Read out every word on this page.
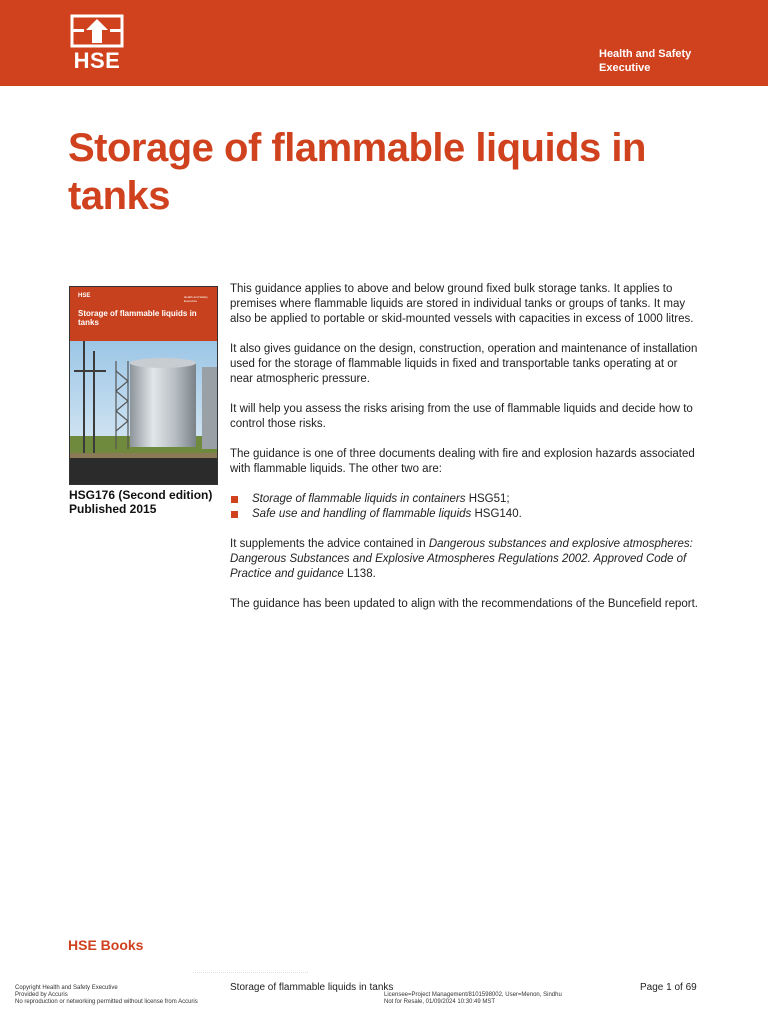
HSE	Health and Safety
Executive
Storage of flammable liquids in tanks
HSE	Health and Safety Executive
Storage of flammable liquids in tanks

HSG176 (Second edition) Published 2015

This guidance applies to above and below ground fixed bulk storage tanks. It applies to premises where flammable liquids are stored in individual tanks or groups of tanks. It may also be applied to portable or skid-mounted vessels with capacities in excess of 1000 litres.

It also gives guidance on the design, construction, operation and maintenance of installation used for the storage of flammable liquids in fixed and transportable tanks operating at or near atmospheric pressure.

It will help you assess the risks arising from the use of flammable liquids and decide how to control those risks.

The guidance is one of three documents dealing with fire and explosion hazards associated with flammable liquids. The other two are:

Storage of flammable liquids in containers HSG51;
Safe use and handling of flammable liquids HSG140.

It supplements the advice contained in Dangerous substances and explosive atmospheres: Dangerous Substances and Explosive Atmospheres Regulations 2002. Approved Code of Practice and guidance L138.

The guidance has been updated to align with the recommendations of the Buncefield report.

HSE Books
Copyright Health and Safety Executive
Provided by Accuris
No reproduction or networking permitted without license from Accuris
Storage of flammable liquids in tanks
Licensee=Project Management/8101598002, User=Menon, Sindhu
Not for Resale, 01/09/2024 10:30:49 MST
Page 1 of 69
